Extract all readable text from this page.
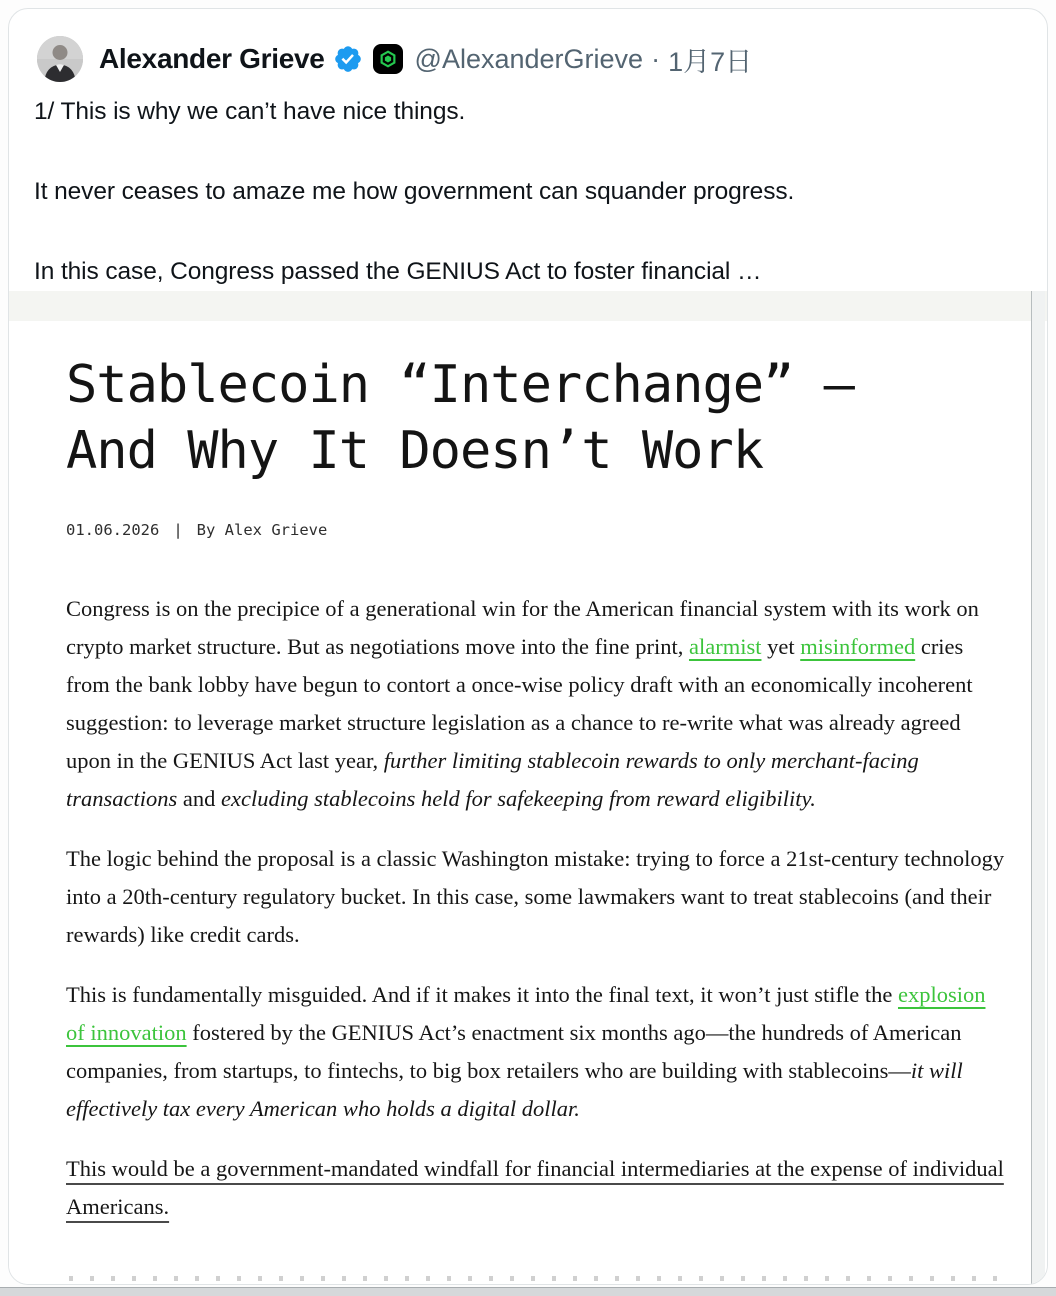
Alexander Grieve	@AlexanderGrieve · 1月7日

1/ This is why we can’t have nice things.

It never ceases to amaze me how government can squander progress.

In this case, Congress passed the GENIUS Act to foster financial …

Stablecoin “Interchange” — And Why It Doesn’t Work
01.06.2026 | By Alex Grieve

Congress is on the precipice of a generational win for the American financial system with its work on crypto market structure. But as negotiations move into the fine print, alarmist yet misinformed cries from the bank lobby have begun to contort a once-wise policy draft with an economically incoherent suggestion: to leverage market structure legislation as a chance to re-write what was already agreed upon in the GENIUS Act last year, further limiting stablecoin rewards to only merchant-facing transactions and excluding stablecoins held for safekeeping from reward eligibility.

The logic behind the proposal is a classic Washington mistake: trying to force a 21st-century technology into a 20th-century regulatory bucket. In this case, some lawmakers want to treat stablecoins (and their rewards) like credit cards.

This is fundamentally misguided. And if it makes it into the final text, it won’t just stifle the explosion of innovation fostered by the GENIUS Act’s enactment six months ago—the hundreds of American companies, from startups, to fintechs, to big box retailers who are building with stablecoins—it will effectively tax every American who holds a digital dollar.

This would be a government-mandated windfall for financial intermediaries at the expense of individual Americans.
